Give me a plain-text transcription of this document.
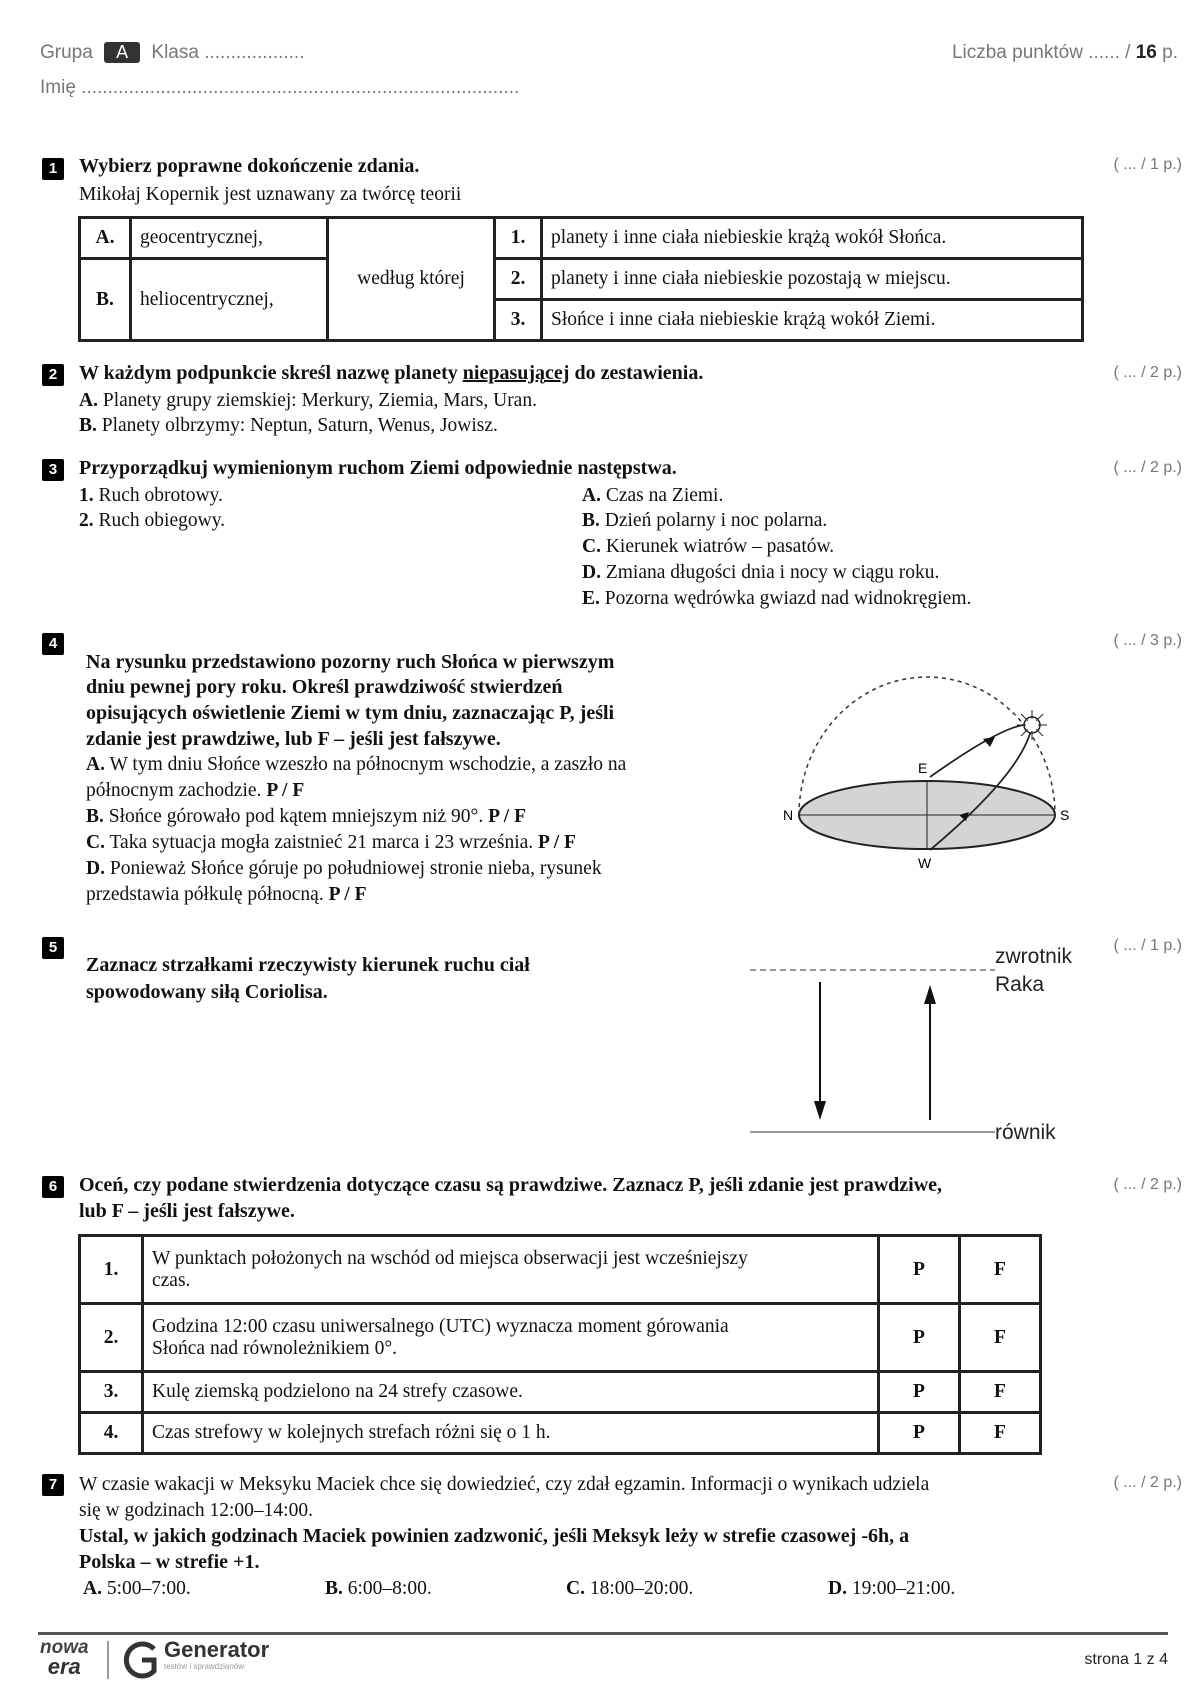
Grupa A Klasa ...................
Imię ...................................................................................
Liczba punktów ...... / 16 p.
1	( ... / 1 p.)
Wybierz poprawne dokończenie zdania.
Mikołaj Kopernik jest uznawany za twórcę teorii
A.	geocentrycznej,	według której	1.	planety i inne ciała niebieskie krążą wokół Słońca.
B.	heliocentrycznej,		2.	planety i inne ciała niebieskie pozostają w miejscu.
			3.	Słońce i inne ciała niebieskie krążą wokół Ziemi.
2	( ... / 2 p.)
W każdym podpunkcie skreśl nazwę planety niepasującej do zestawienia.
A. Planety grupy ziemskiej: Merkury, Ziemia, Mars, Uran.
B. Planety olbrzymy: Neptun, Saturn, Wenus, Jowisz.
3	( ... / 2 p.)
Przyporządkuj wymienionym ruchom Ziemi odpowiednie następstwa.
1. Ruch obrotowy.
2. Ruch obiegowy.
A. Czas na Ziemi.
B. Dzień polarny i noc polarna.
C. Kierunek wiatrów – pasatów.
D. Zmiana długości dnia i nocy w ciągu roku.
E. Pozorna wędrówka gwiazd nad widnokręgiem.
4	( ... / 3 p.)
Na rysunku przedstawiono pozorny ruch Słońca w pierwszym
dniu pewnej pory roku. Określ prawdziwość stwierdzeń
opisujących oświetlenie Ziemi w tym dniu, zaznaczając P, jeśli
zdanie jest prawdziwe, lub F – jeśli jest fałszywe.
A. W tym dniu Słońce wzeszło na północnym wschodzie, a zaszło na
północnym zachodzie. P / F
B. Słońce górowało pod kątem mniejszym niż 90°. P / F
C. Taka sytuacja mogła zaistnieć 21 marca i 23 września. P / F
D. Ponieważ Słońce góruje po południowej stronie nieba, rysunek
przedstawia półkulę północną. P / F
N	S
E
W
5	( ... / 1 p.)
Zaznacz strzałkami rzeczywisty kierunek ruchu ciał
spowodowany siłą Coriolisa.
zwrotnik
Raka
równik
6	( ... / 2 p.)
Oceń, czy podane stwierdzenia dotyczące czasu są prawdziwe. Zaznacz P, jeśli zdanie jest prawdziwe,
lub F – jeśli jest fałszywe.
1.	W punktach położonych na wschód od miejsca obserwacji jest wcześniejszy
czas.	P	F
2.	Godzina 12:00 czasu uniwersalnego (UTC) wyznacza moment górowania
Słońca nad równoleżnikiem 0°.	P	F
3.	Kulę ziemską podzielono na 24 strefy czasowe.	P	F
4.	Czas strefowy w kolejnych strefach różni się o 1 h.	P	F
7	( ... / 2 p.)
W czasie wakacji w Meksyku Maciek chce się dowiedzieć, czy zdał egzamin. Informacji o wynikach udziela
się w godzinach 12:00–14:00.
Ustal, w jakich godzinach Maciek powinien zadzwonić, jeśli Meksyk leży w strefie czasowej -6h, a
Polska – w strefie +1.
A. 5:00–7:00.	B. 6:00–8:00.	C. 18:00–20:00.	D. 19:00–21:00.
nowa
era
Generator
testów i sprawdzianów	strona 1 z 4
